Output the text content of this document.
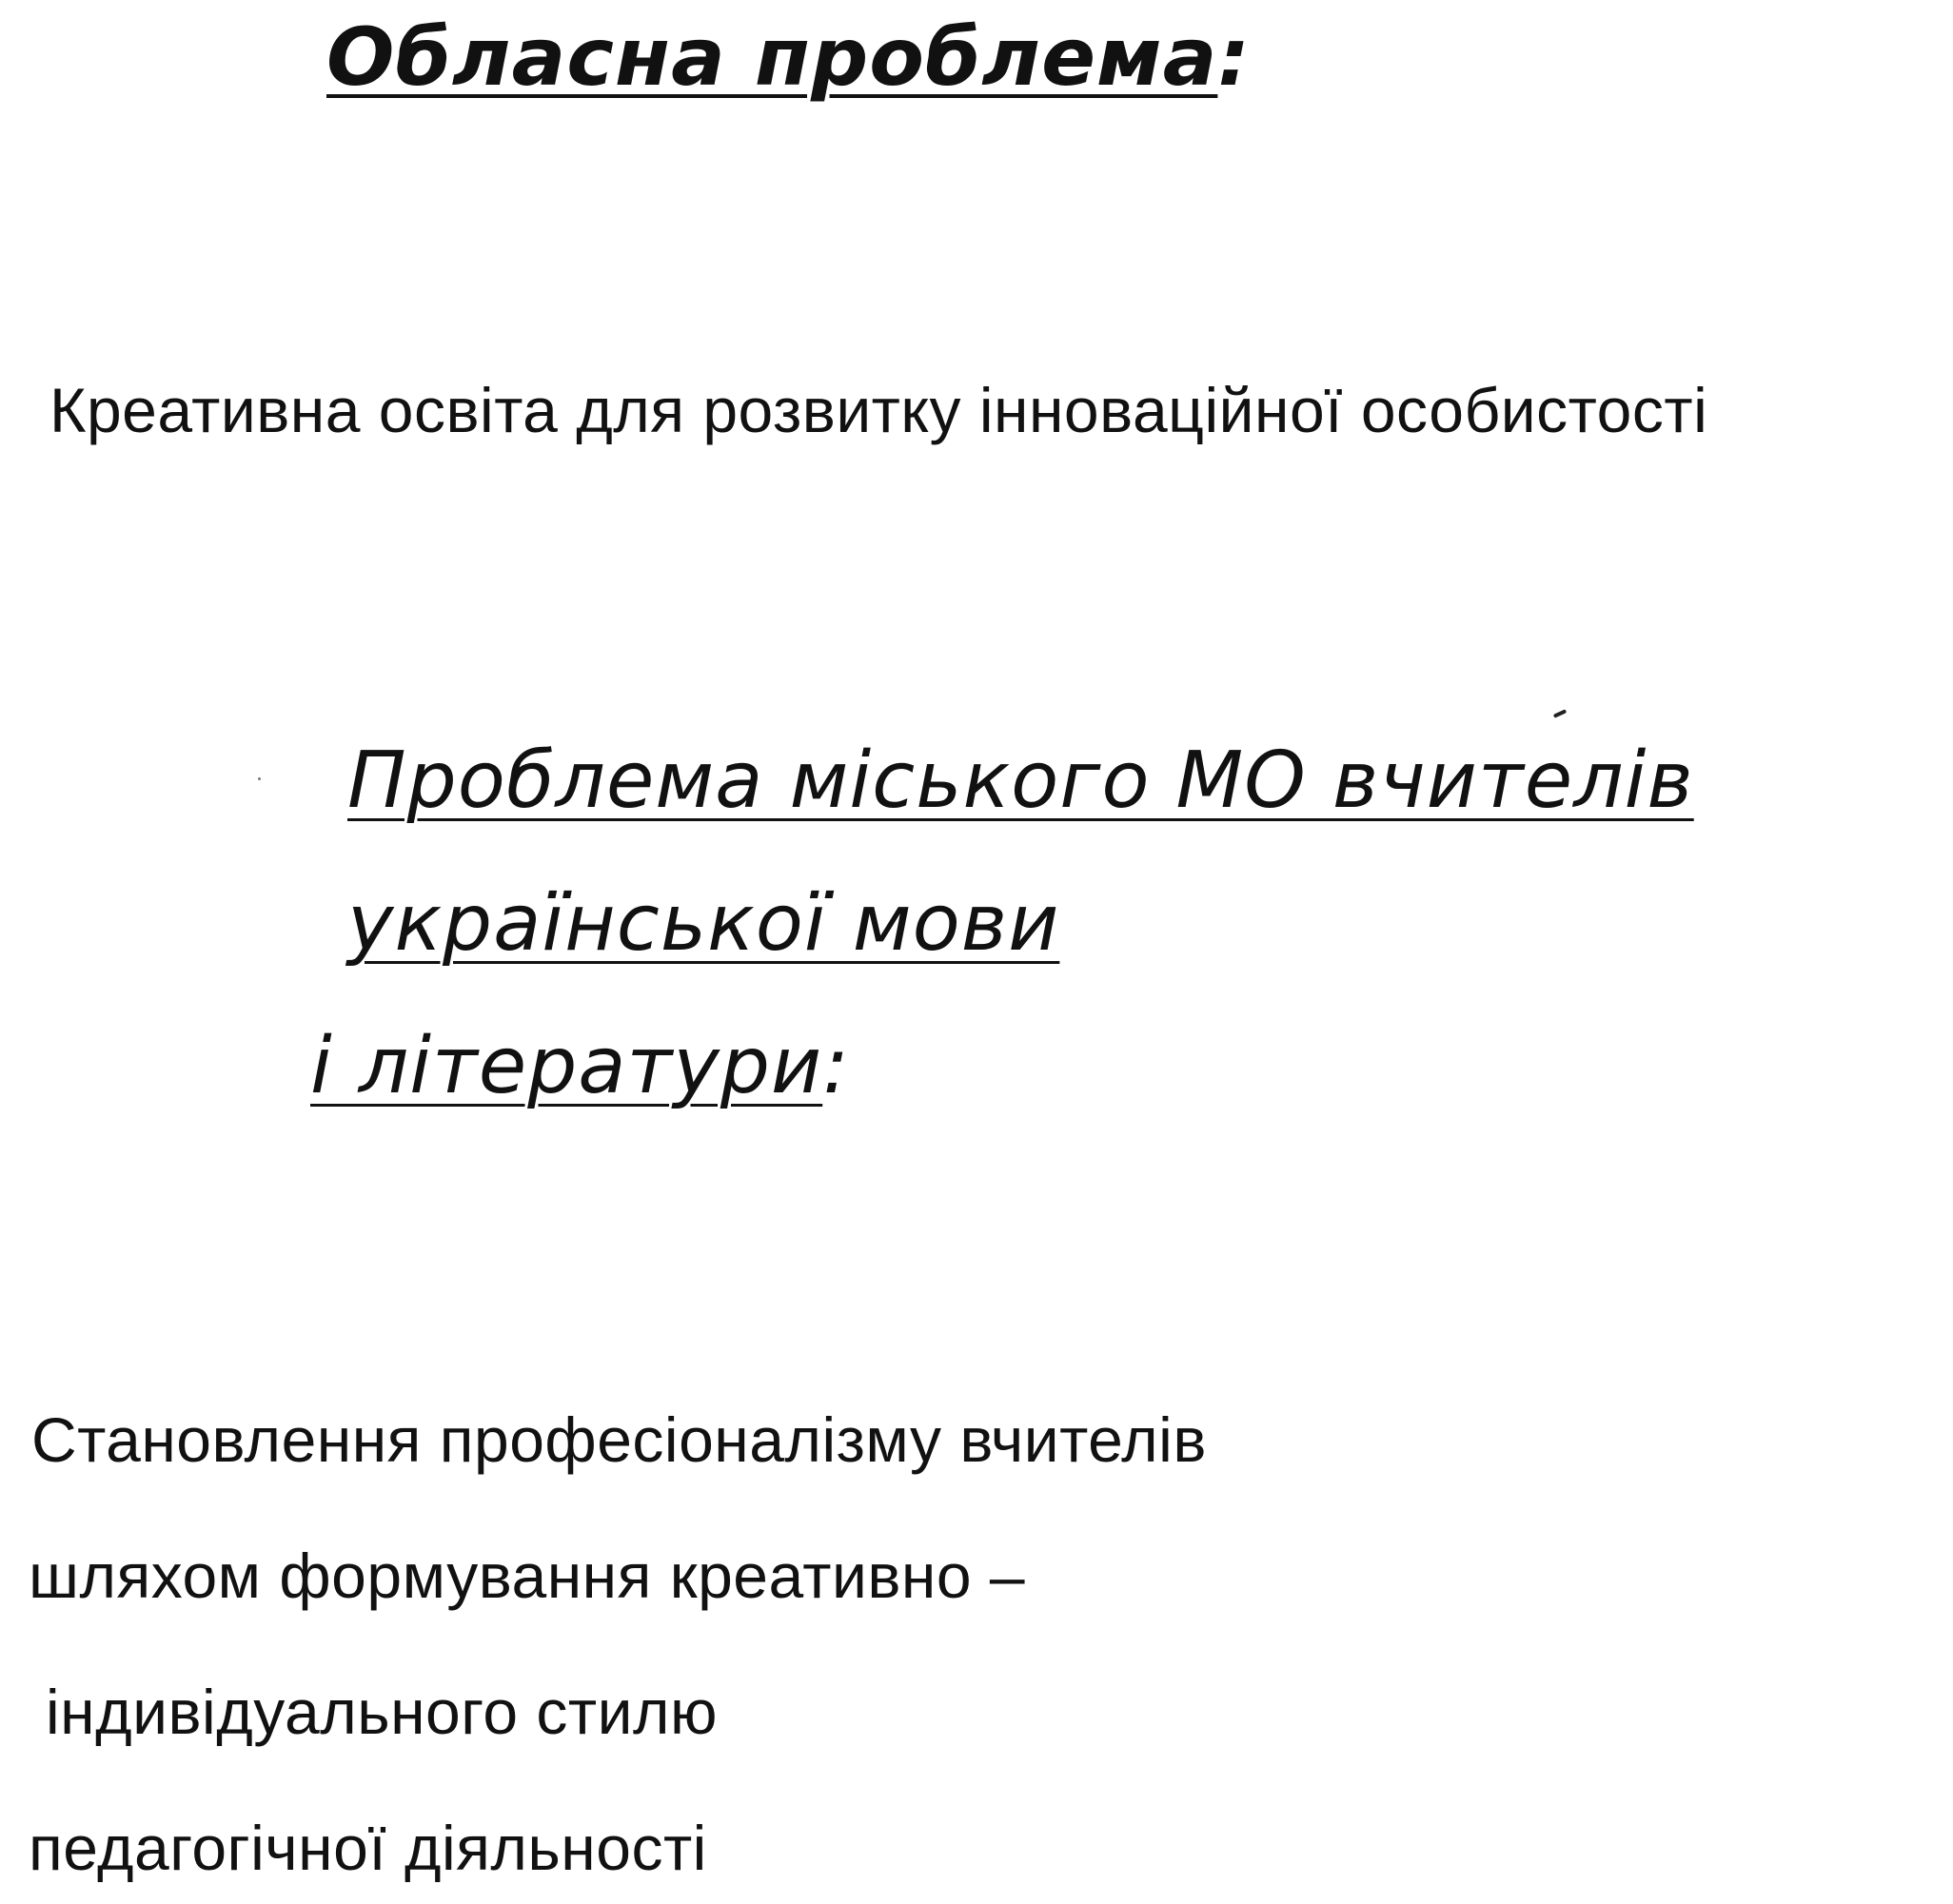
Обласна проблема:
Креативна освіта для розвитку інноваційної особистості
Проблема міського МО вчителів
української мови
і літератури:
Становлення професіоналізму вчителів
шляхом формування креативно –
індивідуального стилю
педагогічної діяльності
